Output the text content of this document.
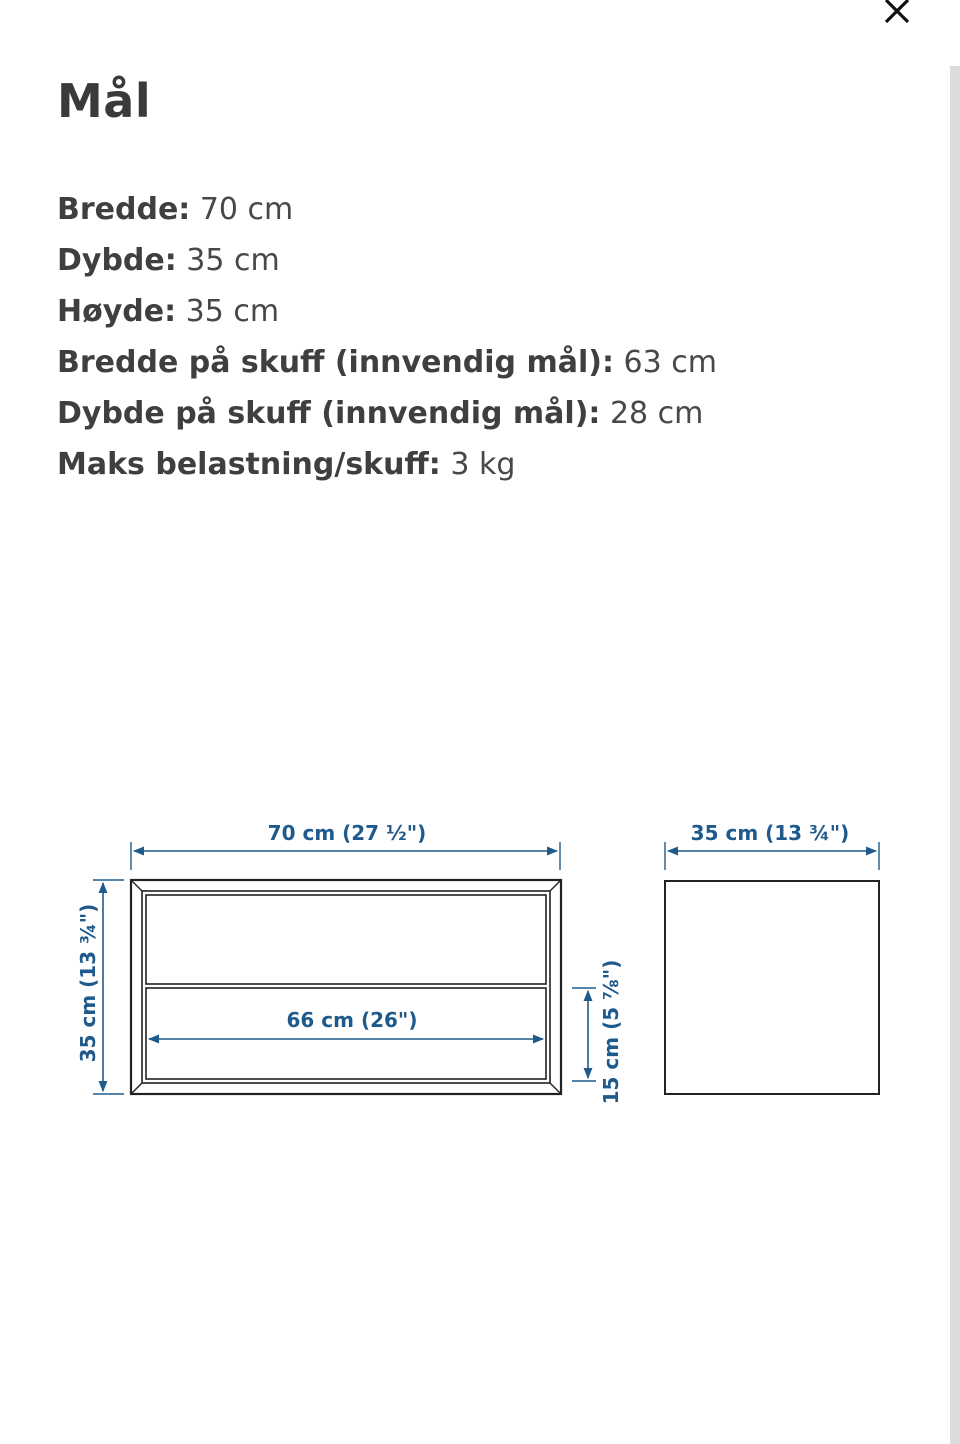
Mål
Bredde: 70 cm
Dybde: 35 cm
Høyde: 35 cm
Bredde på skuff (innvendig mål): 63 cm
Dybde på skuff (innvendig mål): 28 cm
Maks belastning/skuff: 3 kg
70 cm (27 ½")
35 cm (13 ¾")	66 cm (26")	15 cm (5 ⅞")
35 cm (13 ¾")
